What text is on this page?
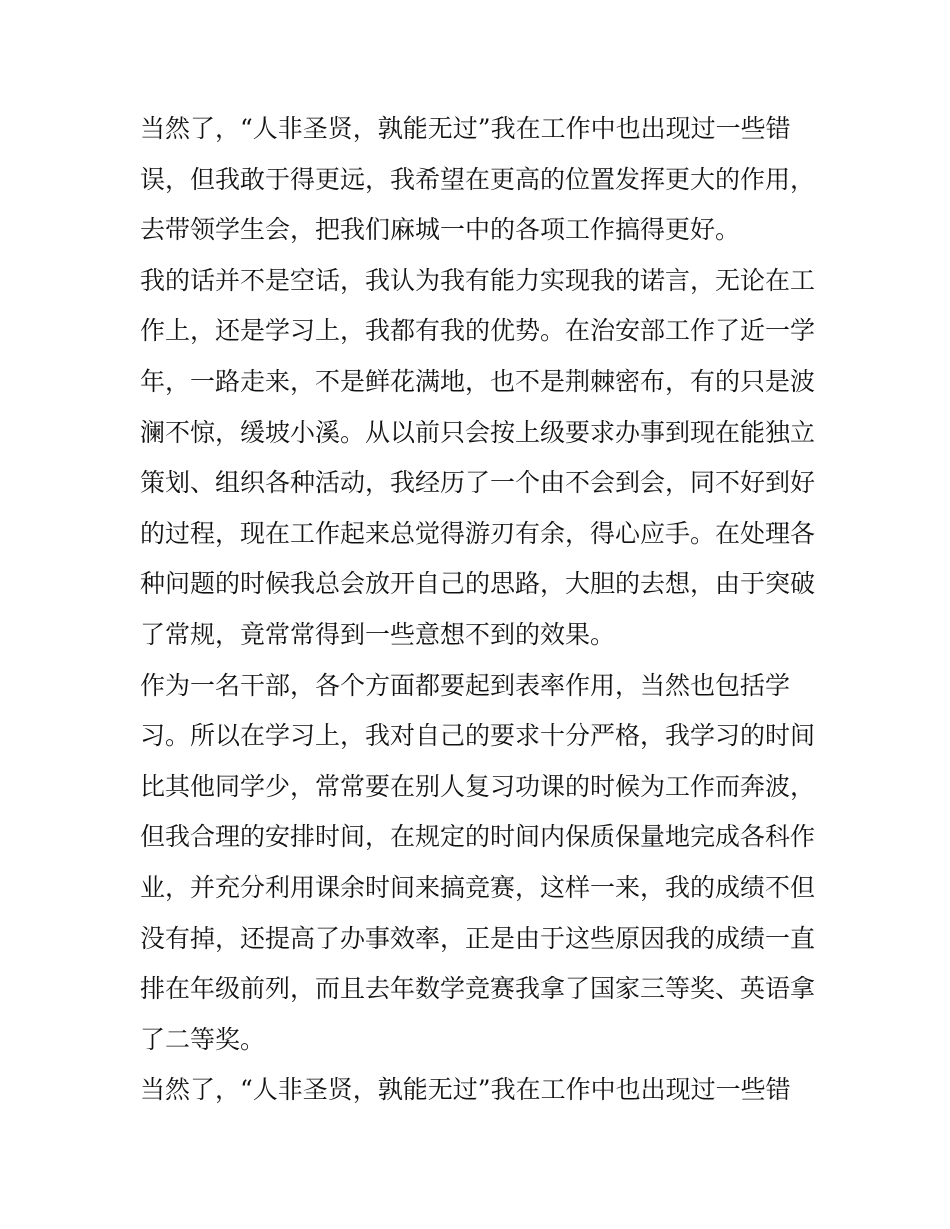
当然了，“人非圣贤，孰能无过”我在工作中也出现过一些错
误，但我敢于得更远，我希望在更高的位置发挥更大的作用，
去带领学生会，把我们麻城一中的各项工作搞得更好。
我的话并不是空话，我认为我有能力实现我的诺言，无论在工
作上，还是学习上，我都有我的优势。在治安部工作了近一学
年，一路走来，不是鲜花满地，也不是荆棘密布，有的只是波
澜不惊，缓坡小溪。从以前只会按上级要求办事到现在能独立
策划、组织各种活动，我经历了一个由不会到会，同不好到好
的过程，现在工作起来总觉得游刃有余，得心应手。在处理各
种问题的时候我总会放开自己的思路，大胆的去想，由于突破
了常规，竟常常得到一些意想不到的效果。
作为一名干部，各个方面都要起到表率作用，当然也包括学
习。所以在学习上，我对自己的要求十分严格，我学习的时间
比其他同学少，常常要在别人复习功课的时候为工作而奔波，
但我合理的安排时间，在规定的时间内保质保量地完成各科作
业，并充分利用课余时间来搞竞赛，这样一来，我的成绩不但
没有掉，还提高了办事效率，正是由于这些原因我的成绩一直
排在年级前列，而且去年数学竞赛我拿了国家三等奖、英语拿
了二等奖。
当然了，“人非圣贤，孰能无过”我在工作中也出现过一些错
